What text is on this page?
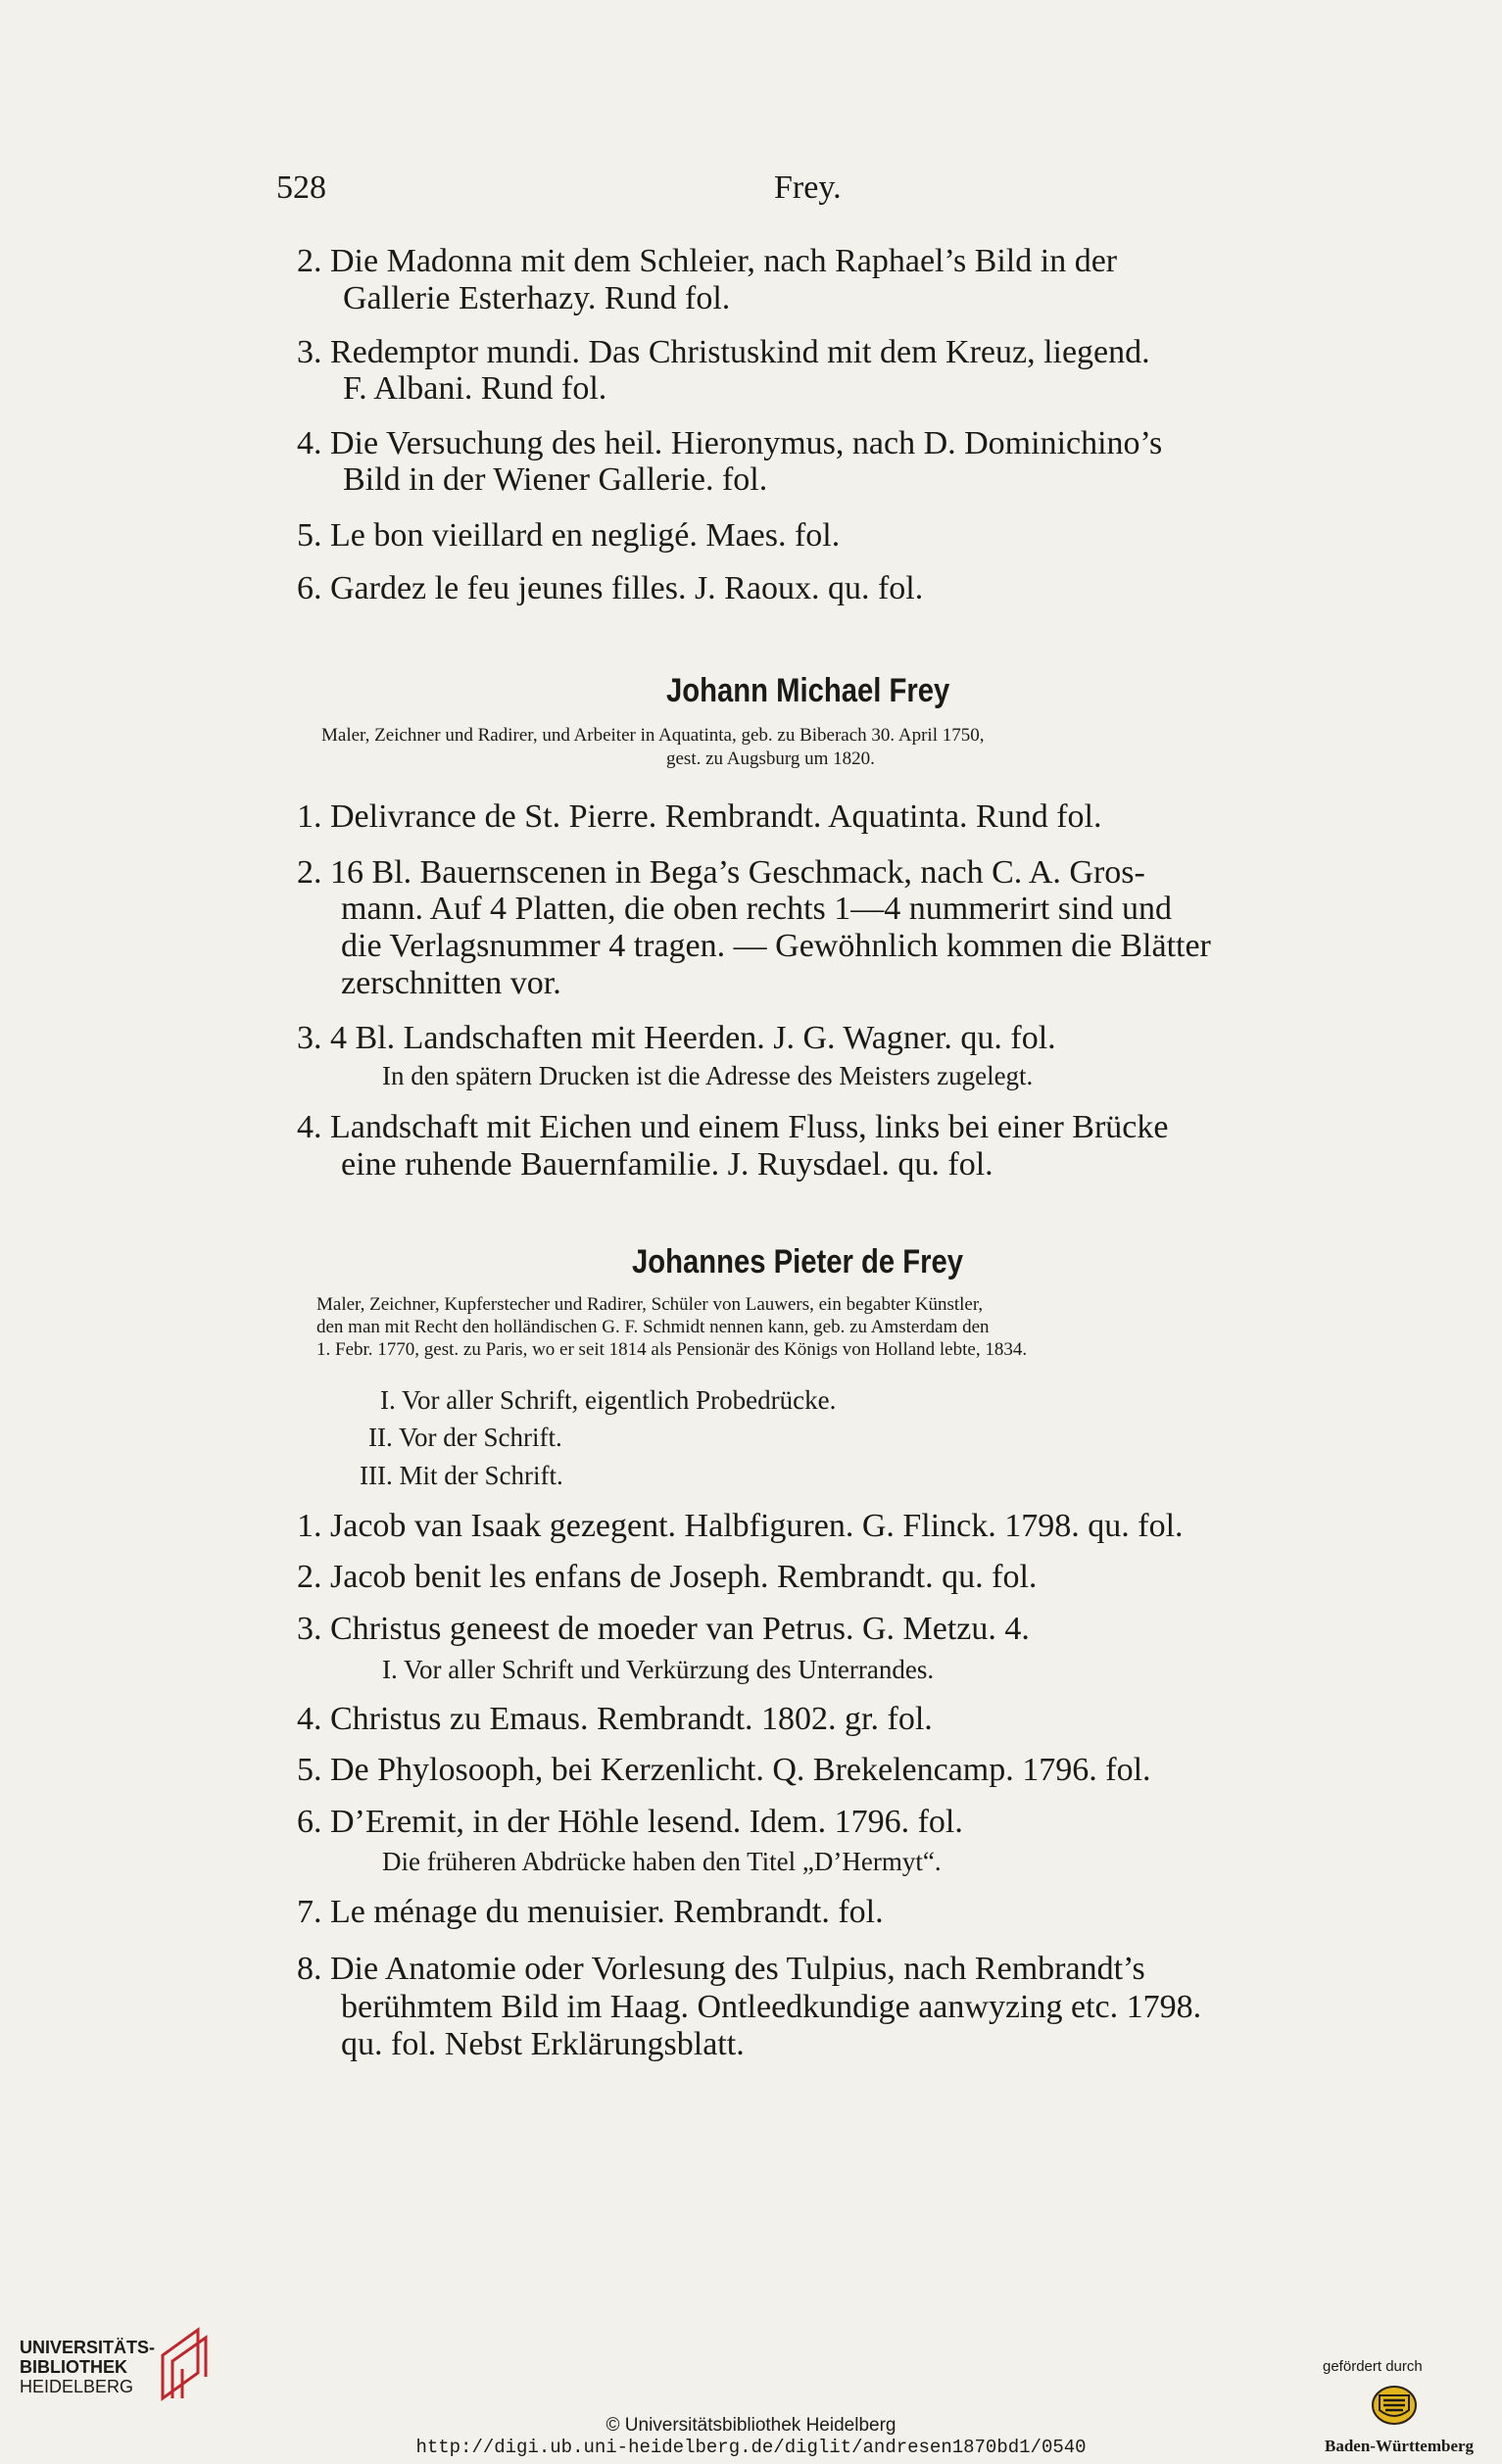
528	Frey.
2. Die Madonna mit dem Schleier, nach Raphael’s Bild in der
Gallerie Esterhazy. Rund fol.
3. Redemptor mundi. Das Christuskind mit dem Kreuz, liegend.
F. Albani. Rund fol.
4. Die Versuchung des heil. Hieronymus, nach D. Dominichino’s
Bild in der Wiener Gallerie. fol.
5. Le bon vieillard en negligé. Maes. fol.
6. Gardez le feu jeunes filles. J. Raoux. qu. fol.
Johann Michael Frey
Maler, Zeichner und Radirer, und Arbeiter in Aquatinta, geb. zu Biberach 30. April 1750,
gest. zu Augsburg um 1820.
1. Delivrance de St. Pierre. Rembrandt. Aquatinta. Rund fol.
2. 16 Bl. Bauernscenen in Bega’s Geschmack, nach C. A. Gros-
mann. Auf 4 Platten, die oben rechts 1—4 nummerirt sind und
die Verlagsnummer 4 tragen. — Gewöhnlich kommen die Blätter
zerschnitten vor.
3. 4 Bl. Landschaften mit Heerden. J. G. Wagner. qu. fol.
In den spätern Drucken ist die Adresse des Meisters zugelegt.
4. Landschaft mit Eichen und einem Fluss, links bei einer Brücke
eine ruhende Bauernfamilie. J. Ruysdael. qu. fol.
Johannes Pieter de Frey
Maler, Zeichner, Kupferstecher und Radirer, Schüler von Lauwers, ein begabter Künstler,
den man mit Recht den holländischen G. F. Schmidt nennen kann, geb. zu Amsterdam den
1. Febr. 1770, gest. zu Paris, wo er seit 1814 als Pensionär des Königs von Holland lebte, 1834.
I. Vor aller Schrift, eigentlich Probedrücke.
II. Vor der Schrift.
III. Mit der Schrift.
1. Jacob van Isaak gezegent. Halbfiguren. G. Flinck. 1798. qu. fol.
2. Jacob benit les enfans de Joseph. Rembrandt. qu. fol.
3. Christus geneest de moeder van Petrus. G. Metzu. 4.
I. Vor aller Schrift und Verkürzung des Unterrandes.
4. Christus zu Emaus. Rembrandt. 1802. gr. fol.
5. De Phylosooph, bei Kerzenlicht. Q. Brekelencamp. 1796. fol.
6. D’Eremit, in der Höhle lesend. Idem. 1796. fol.
Die früheren Abdrücke haben den Titel „D’Hermyt“.
7. Le ménage du menuisier. Rembrandt. fol.
8. Die Anatomie oder Vorlesung des Tulpius, nach Rembrandt’s
berühmtem Bild im Haag. Ontleedkundige aanwyzing etc. 1798.
qu. fol. Nebst Erklärungsblatt.
UNIVERSITÄTS-
BIBLIOTHEK
HEIDELBERG
© Universitätsbibliothek Heidelberg
http://digi.ub.uni-heidelberg.de/diglit/andresen1870bd1/0540
gefördert durch
Baden-Württemberg
